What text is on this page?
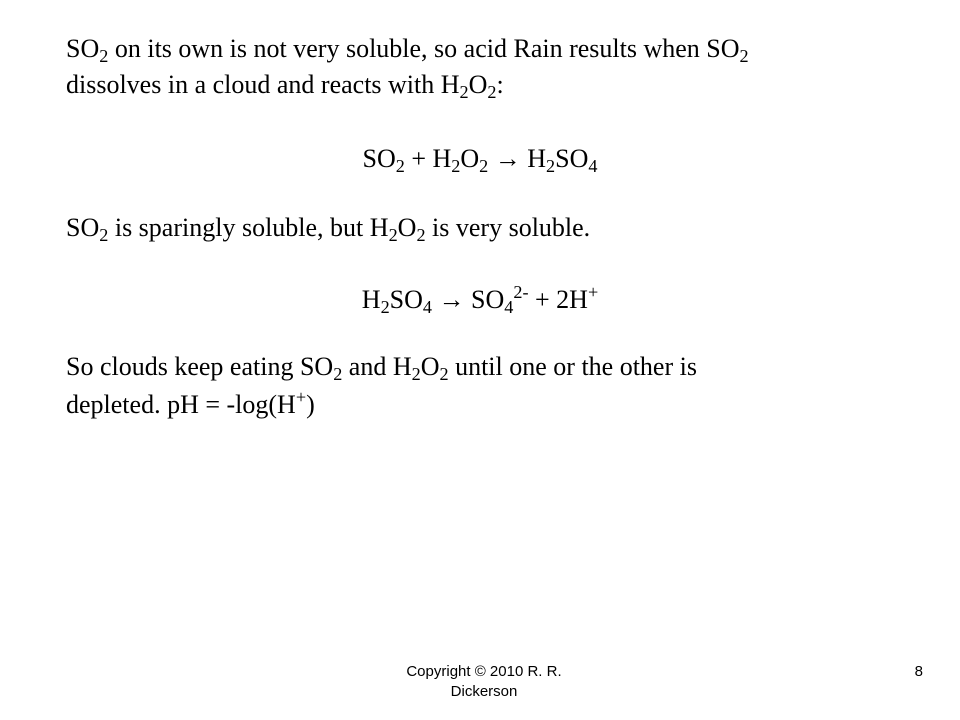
$SO_2$ on its own is not very soluble, so acid Rain results when $SO_2$
dissolves in a cloud and reacts with $H_2O_2$:
$SO_2 + H_2O_2 \to H_2SO_4$
$SO_2$ is sparingly soluble, but $H_2O_2$ is very soluble.
$H_2SO_4 \to SO_4^{2-} + 2H^+$
So clouds keep eating $SO_2$ and $H_2O_2$ until one or the other is
depleted. pH = -log(H+)
Copyright © 2010 R. R. Dickerson
8
